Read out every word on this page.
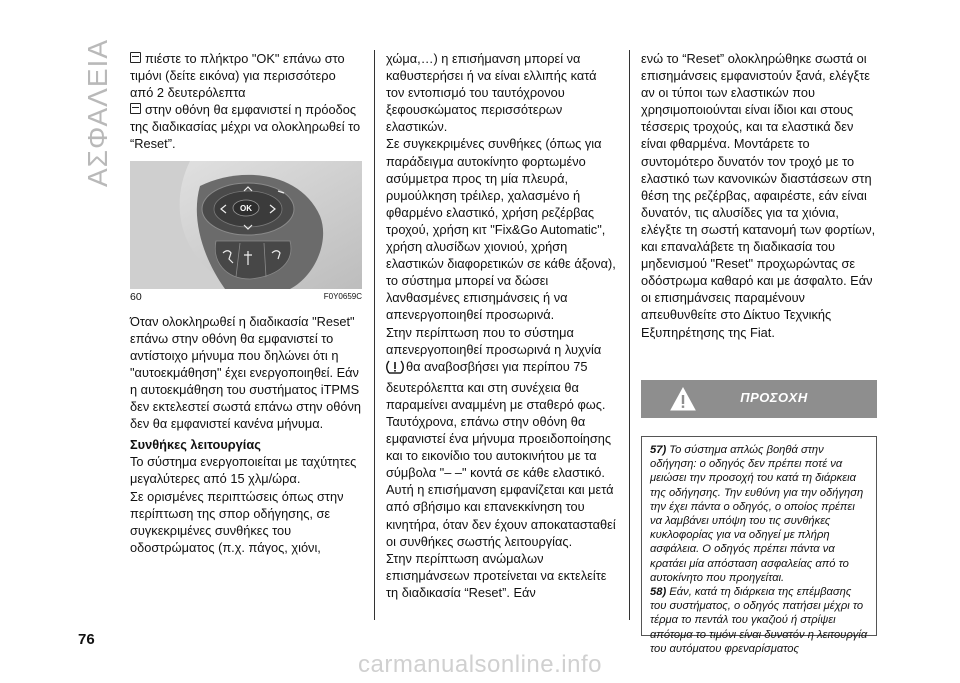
ΑΣΦΑΛΕΙΑ
76

πιέστε το πλήκτρο "OK" επάνω στο τιμόνι (δείτε εικόνα) για περισσότερο από 2 δευτερόλεπτα

στην οθόνη θα εμφανιστεί η πρόοδος της διαδικασίας μέχρι να ολοκληρωθεί το “Reset”.

OK
60	F0Y0659C

Όταν ολοκληρωθεί η διαδικασία "Reset" επάνω στην οθόνη θα εμφανιστεί το αντίστοιχο μήνυμα που δηλώνει ότι η "αυτοεκμάθηση" έχει ενεργοποιηθεί. Εάν η αυτοεκμάθηση του συστήματος iTPMS δεν εκτελεστεί σωστά επάνω στην οθόνη δεν θα εμφανιστεί κανένα μήνυμα.

Συνθήκες λειτουργίας

Το σύστημα ενεργοποιείται με ταχύτητες μεγαλύτερες από 15 χλμ/ώρα.

Σε ορισμένες περιπτώσεις όπως στην περίπτωση της σπορ οδήγησης, σε συγκεκριμένες συνθήκες του οδοστρώματος (π.χ. πάγος, χιόνι,

χώμα,…) η επισήμανση μπορεί να καθυστερήσει ή να είναι ελλιπής κατά τον εντοπισμό του ταυτόχρονου ξεφουσκώματος περισσότερων ελαστικών.

Σε συγκεκριμένες συνθήκες (όπως για παράδειγμα αυτοκίνητο φορτωμένο ασύμμετρα προς τη μία πλευρά, ρυμούλκηση τρέιλερ, χαλασμένο ή φθαρμένο ελαστικό, χρήση ρεζέρβας τροχού, χρήση κιτ "Fix&Go Automatic", χρήση αλυσίδων χιονιού, χρήση ελαστικών διαφορετικών σε κάθε άξονα), το σύστημα μπορεί να δώσει λανθασμένες επισημάνσεις ή να απενεργοποιηθεί προσωρινά.

Στην περίπτωση που το σύστημα απενεργοποιηθεί προσωρινά η λυχνία
θα αναβοσβήσει για περίπου 75 δευτερόλεπτα και στη συνέχεια θα παραμείνει αναμμένη με σταθερό φως. Ταυτόχρονα, επάνω στην οθόνη θα εμφανιστεί ένα μήνυμα προειδοποίησης και το εικονίδιο του αυτοκινήτου με τα σύμβολα "– –" κοντά σε κάθε ελαστικό.

Αυτή η επισήμανση εμφανίζεται και μετά από σβήσιμο και επανεκκίνηση του κινητήρα, όταν δεν έχουν αποκατασταθεί οι συνθήκες σωστής λειτουργίας.

Στην περίπτωση ανώμαλων επισημάνσεων προτείνεται να εκτελείτε τη διαδικασία “Reset”. Εάν

ενώ το “Reset” ολοκληρώθηκε σωστά οι επισημάνσεις εμφανιστούν ξανά, ελέγξτε αν οι τύποι των ελαστικών που χρησιμοποιούνται είναι ίδιοι και στους τέσσερις τροχούς, και τα ελαστικά δεν είναι φθαρμένα. Μοντάρετε το συντομότερο δυνατόν τον τροχό με το ελαστικό των κανονικών διαστάσεων στη θέση της ρεζέρβας, αφαιρέστε, εάν είναι δυνατόν, τις αλυσίδες για τα χιόνια, ελέγξτε τη σωστή κατανομή των φορτίων, και επαναλάβετε τη διαδικασία του μηδενισμού "Reset" προχωρώντας σε οδόστρωμα καθαρό και με άσφαλτο. Εάν οι επισημάνσεις παραμένουν απευθυνθείτε στο Δίκτυο Τεχνικής Εξυπηρέτησης της Fiat.

ΠΡΟΣΟΧΗ
57) Το σύστημα απλώς βοηθά στην οδήγηση: ο οδηγός δεν πρέπει ποτέ να μειώσει την προσοχή του κατά τη διάρκεια της οδήγησης. Την ευθύνη για την οδήγηση την έχει πάντα ο οδηγός, ο οποίος πρέπει να λαμβάνει υπόψη του τις συνθήκες κυκλοφορίας για να οδηγεί με πλήρη ασφάλεια. Ο οδηγός πρέπει πάντα να κρατάει μία απόσταση ασφαλείας από το αυτοκίνητο που προηγείται.
58) Εάν, κατά τη διάρκεια της επέμβασης του συστήματος, ο οδηγός πατήσει μέχρι το τέρμα το πεντάλ του γκαζιού ή στρίψει απότομα το τιμόνι είναι δυνατόν η λειτουργία του αυτόματου φρεναρίσματος
carmanualsonline.info
